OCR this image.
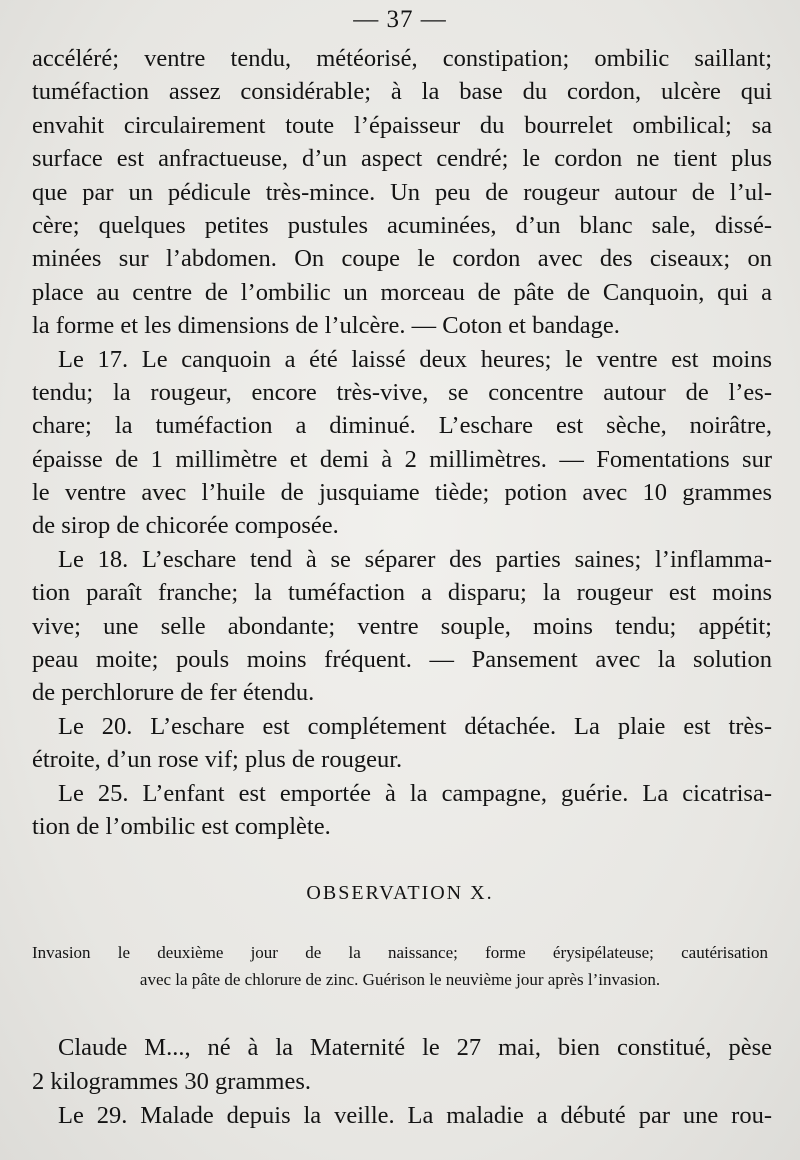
— 37 —
accéléré; ventre tendu, météorisé, constipation; ombilic saillant;
tuméfaction assez considérable; à la base du cordon, ulcère qui
envahit circulairement toute l’épaisseur du bourrelet ombilical; sa
surface est anfractueuse, d’un aspect cendré; le cordon ne tient plus
que par un pédicule très-mince. Un peu de rougeur autour de l’ul-
cère; quelques petites pustules acuminées, d’un blanc sale, dissé-
minées sur l’abdomen. On coupe le cordon avec des ciseaux; on
place au centre de l’ombilic un morceau de pâte de Canquoin, qui a
la forme et les dimensions de l’ulcère. — Coton et bandage.
Le 17. Le canquoin a été laissé deux heures; le ventre est moins
tendu; la rougeur, encore très-vive, se concentre autour de l’es-
chare; la tuméfaction a diminué. L’eschare est sèche, noirâtre,
épaisse de 1 millimètre et demi à 2 millimètres. — Fomentations sur
le ventre avec l’huile de jusquiame tiède; potion avec 10 grammes
de sirop de chicorée composée.
Le 18. L’eschare tend à se séparer des parties saines; l’inflamma-
tion paraît franche; la tuméfaction a disparu; la rougeur est moins
vive; une selle abondante; ventre souple, moins tendu; appétit;
peau moite; pouls moins fréquent. — Pansement avec la solution
de perchlorure de fer étendu.
Le 20. L’eschare est complétement détachée. La plaie est très-
étroite, d’un rose vif; plus de rougeur.
Le 25. L’enfant est emportée à la campagne, guérie. La cicatrisa-
tion de l’ombilic est complète.
OBSERVATION X.
Invasion le deuxième jour de la naissance; forme érysipélateuse; cautérisation
avec la pâte de chlorure de zinc. Guérison le neuvième jour après l’invasion.
Claude M..., né à la Maternité le 27 mai, bien constitué, pèse
2 kilogrammes 30 grammes.
Le 29. Malade depuis la veille. La maladie a débuté par une rou-
